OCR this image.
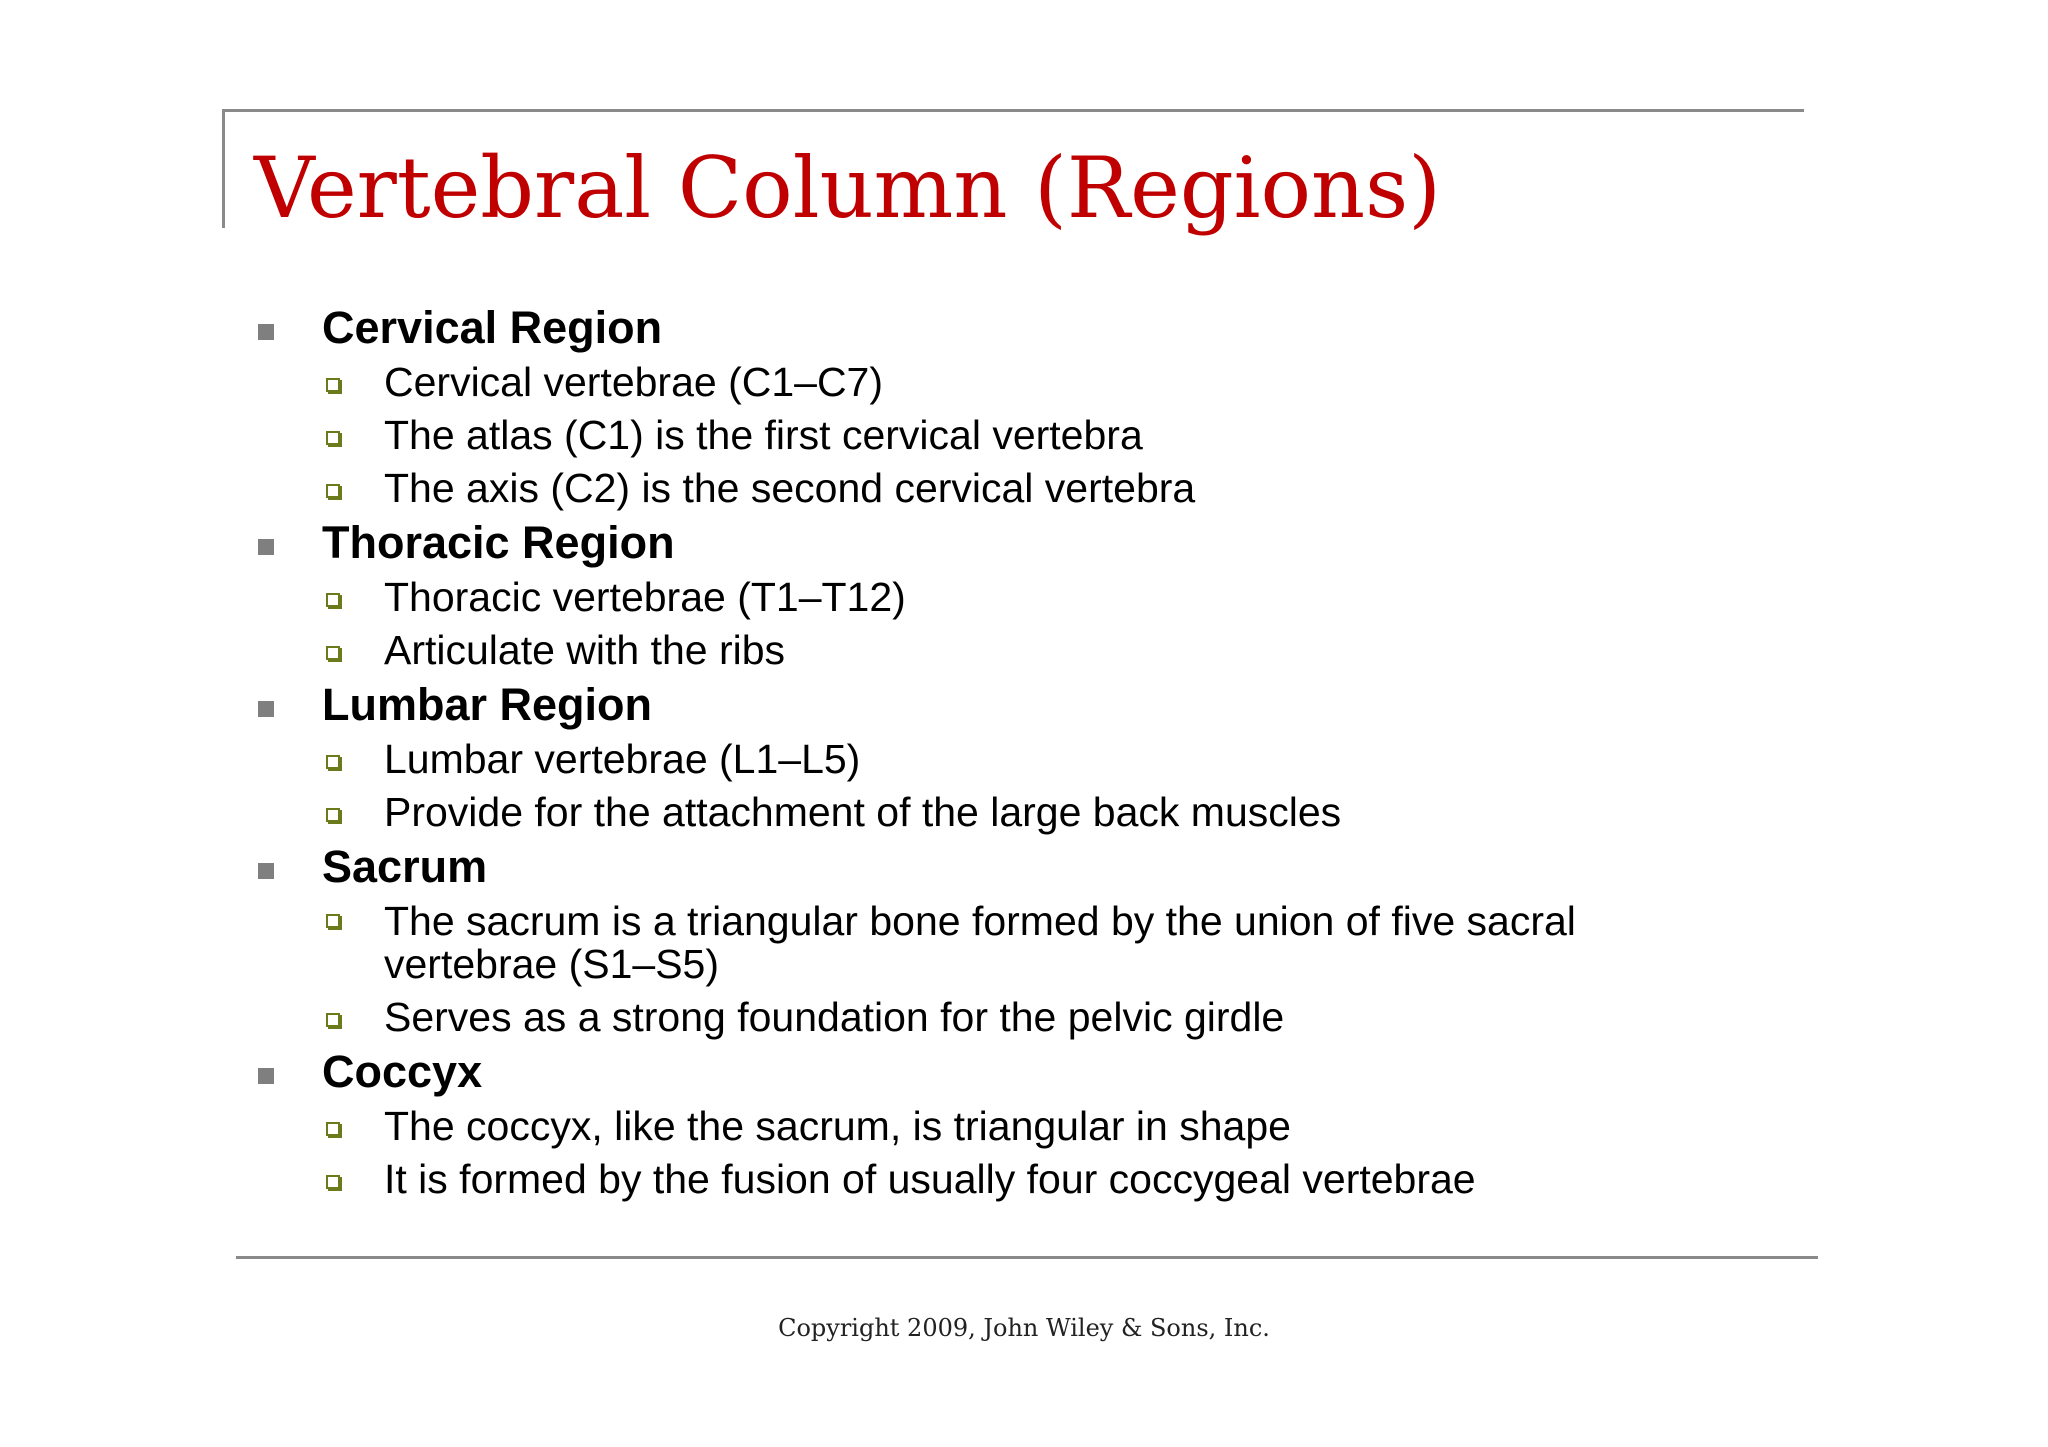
Vertebral Column (Regions)
Cervical Region
Cervical vertebrae (C1–C7)
The atlas (C1) is the first cervical vertebra
The axis (C2) is the second cervical vertebra
Thoracic Region
Thoracic vertebrae (T1–T12)
Articulate with the ribs
Lumbar Region
Lumbar vertebrae (L1–L5)
Provide for the attachment of the large back muscles
Sacrum
The sacrum is a triangular bone formed by the union of five sacral vertebrae (S1–S5)
Serves as a strong foundation for the pelvic girdle
Coccyx
The coccyx, like the sacrum, is triangular in shape
It is formed by the fusion of usually four coccygeal vertebrae
Copyright 2009, John Wiley & Sons, Inc.
